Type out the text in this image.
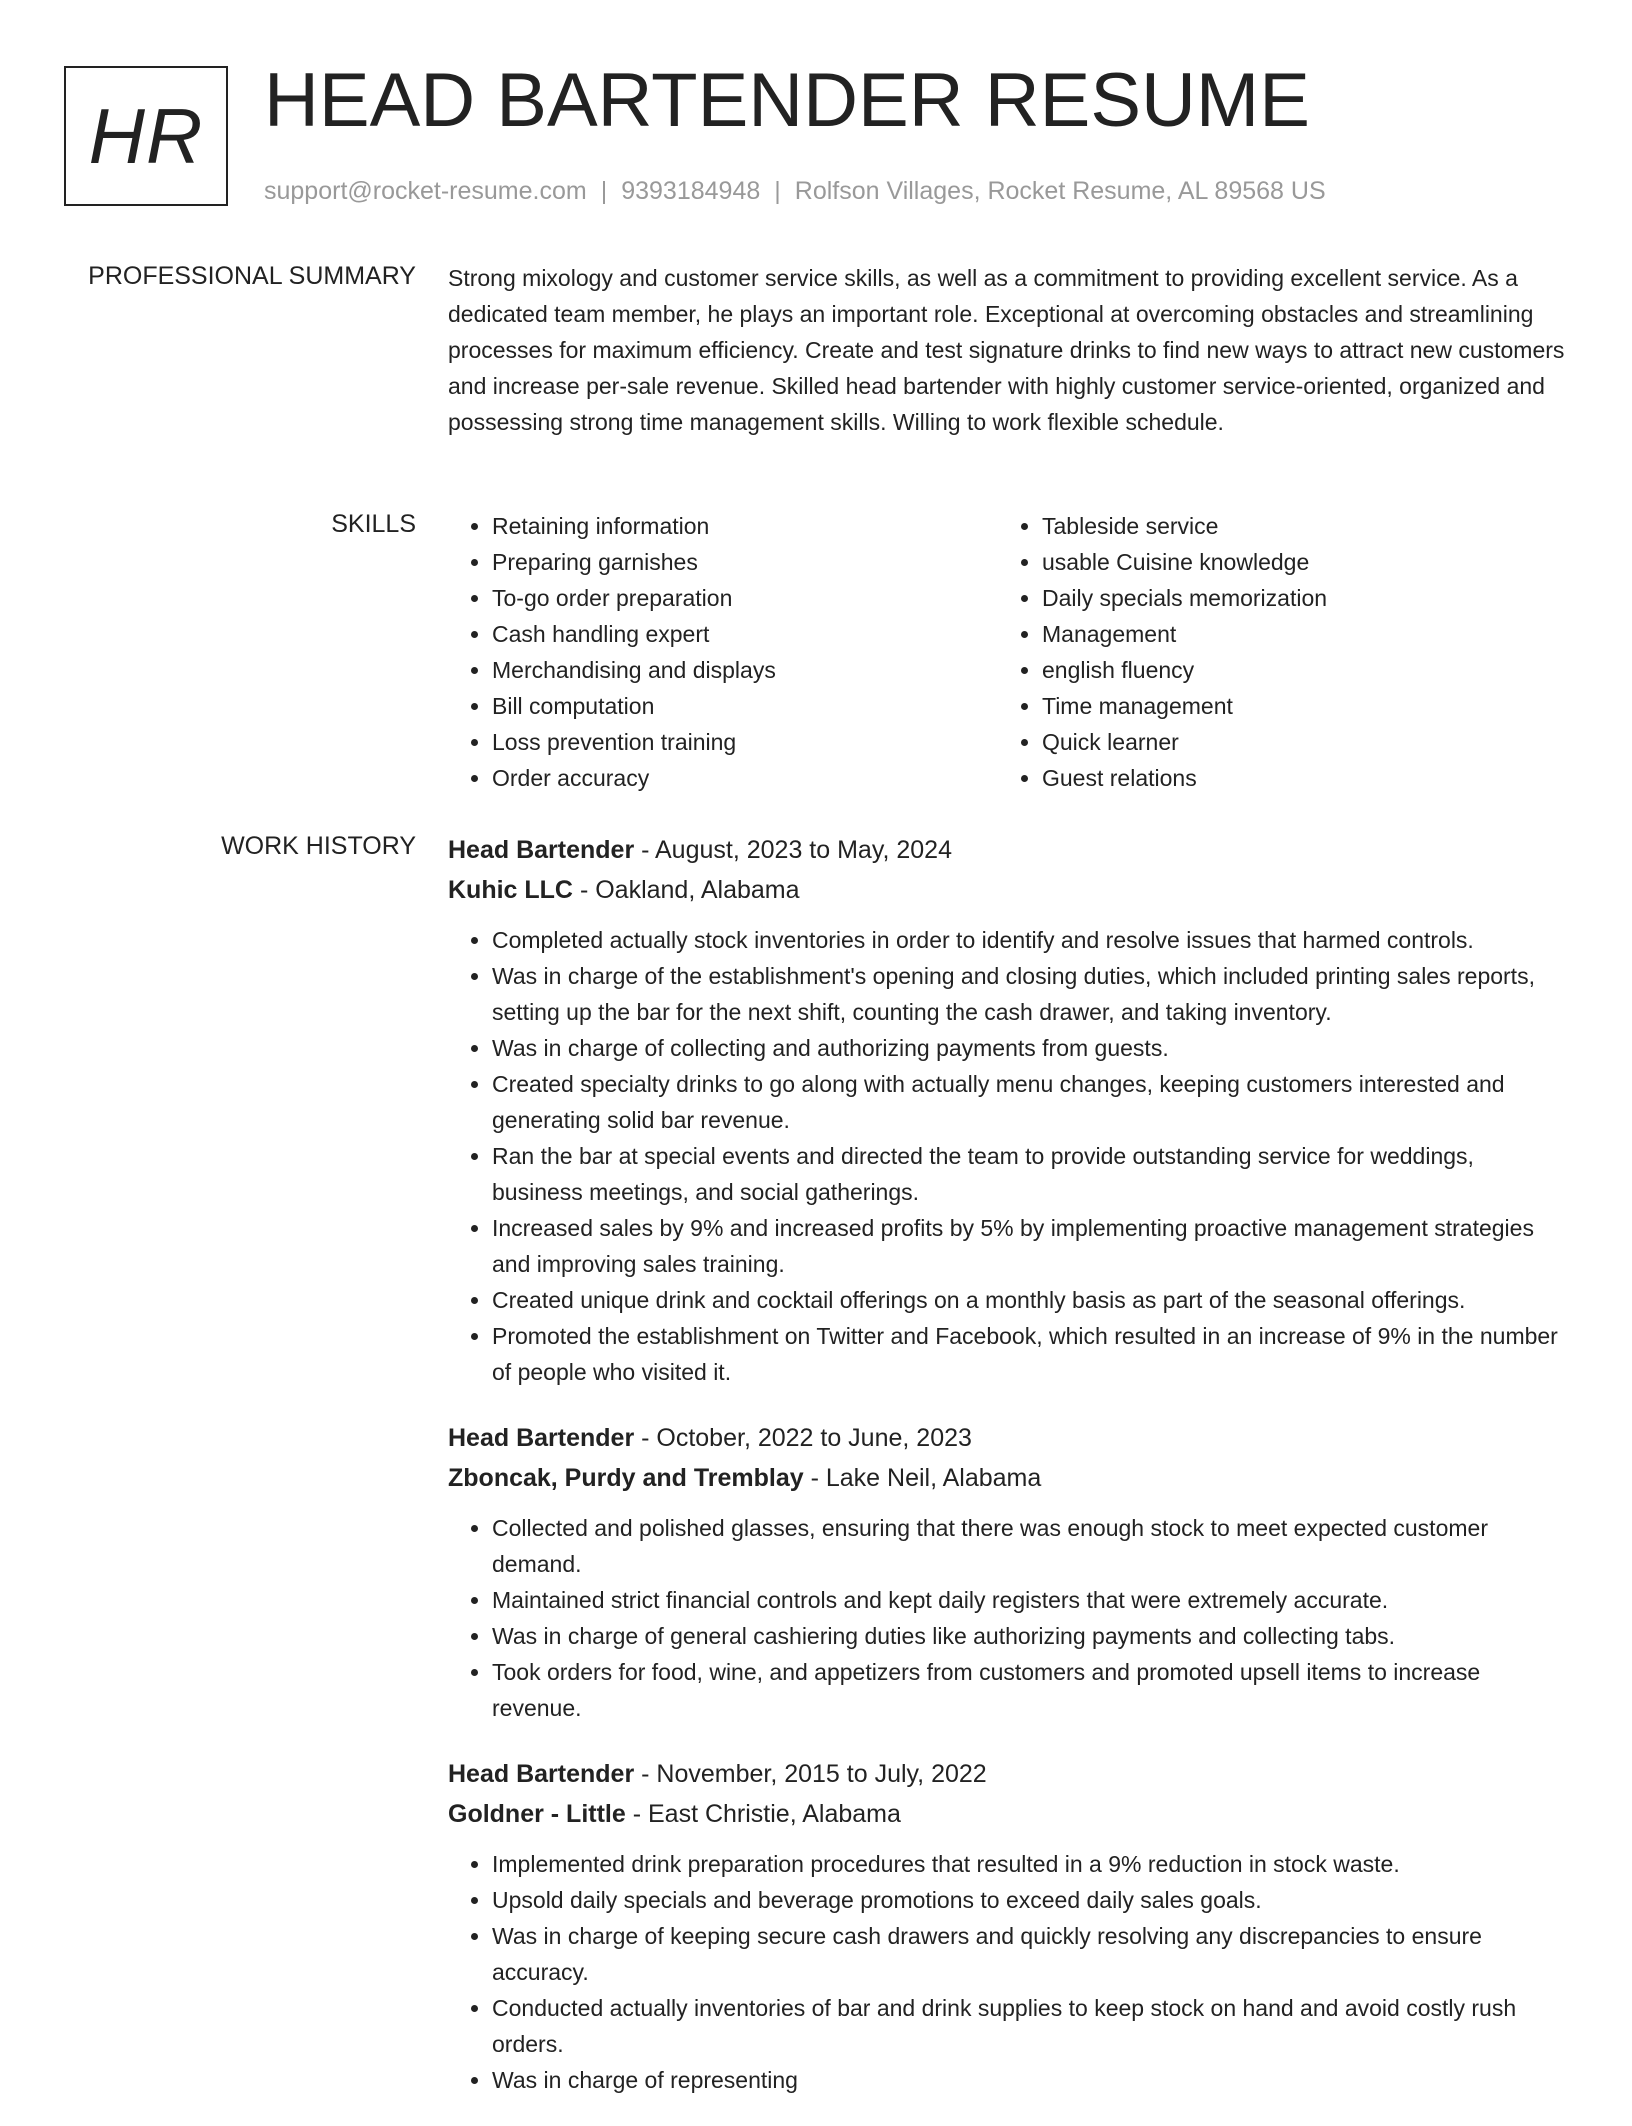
HR HEAD BARTENDER RESUME
support@rocket-resume.com | 9393184948 | Rolfson Villages, Rocket Resume, AL 89568 US
PROFESSIONAL SUMMARY Strong mixology and customer service skills, as well as a commitment to providing excellent service. As a dedicated team member, he plays an important role. Exceptional at overcoming obstacles and streamlining processes for maximum efficiency. Create and test signature drinks to find new ways to attract new customers and increase per-sale revenue. Skilled head bartender with highly customer service-oriented, organized and possessing strong time management skills. Willing to work flexible schedule.

SKILLS
•	Retaining information
• Preparing garnishes
• To-go order preparation
• Cash handling expert
• Merchandising and displays
• Bill computation
• Loss prevention training
• Order accuracy
• Tableside service
• usable Cuisine knowledge
• Daily specials memorization
• Management
• english fluency
• Time management
• Quick learner
• Guest relations
WORK HISTORY Head Bartender - August, 2023 to May, 2024
Kuhic LLC - Oakland, Alabama
• Completed actually stock inventories in order to identify and resolve issues that harmed controls.
• Was in charge of the establishment's opening and closing duties, which included printing sales reports, setting up the bar for the next shift, counting the cash drawer, and taking inventory.
• Was in charge of collecting and authorizing payments from guests.
• Created specialty drinks to go along with actually menu changes, keeping customers interested and generating solid bar revenue.
• Ran the bar at special events and directed the team to provide outstanding service for weddings, business meetings, and social gatherings.
• Increased sales by 9% and increased profits by 5% by implementing proactive management strategies and improving sales training.
• Created unique drink and cocktail offerings on a monthly basis as part of the seasonal offerings.
• Promoted the establishment on Twitter and Facebook, which resulted in an increase of 9% in the number of people who visited it.
Head Bartender - October, 2022 to June, 2023
Zboncak, Purdy and Tremblay - Lake Neil, Alabama
• Collected and polished glasses, ensuring that there was enough stock to meet expected customer demand.
• Maintained strict financial controls and kept daily registers that were extremely accurate.
• Was in charge of general cashiering duties like authorizing payments and collecting tabs.
• Took orders for food, wine, and appetizers from customers and promoted upsell items to increase revenue.
Head Bartender - November, 2015 to July, 2022
Goldner - Little - East Christie, Alabama
• Implemented drink preparation procedures that resulted in a 9% reduction in stock waste.
• Upsold daily specials and beverage promotions to exceed daily sales goals.
• Was in charge of keeping secure cash drawers and quickly resolving any discrepancies to ensure accuracy.
• Conducted actually inventories of bar and drink supplies to keep stock on hand and avoid costly rush orders.
• Was in charge of representing
